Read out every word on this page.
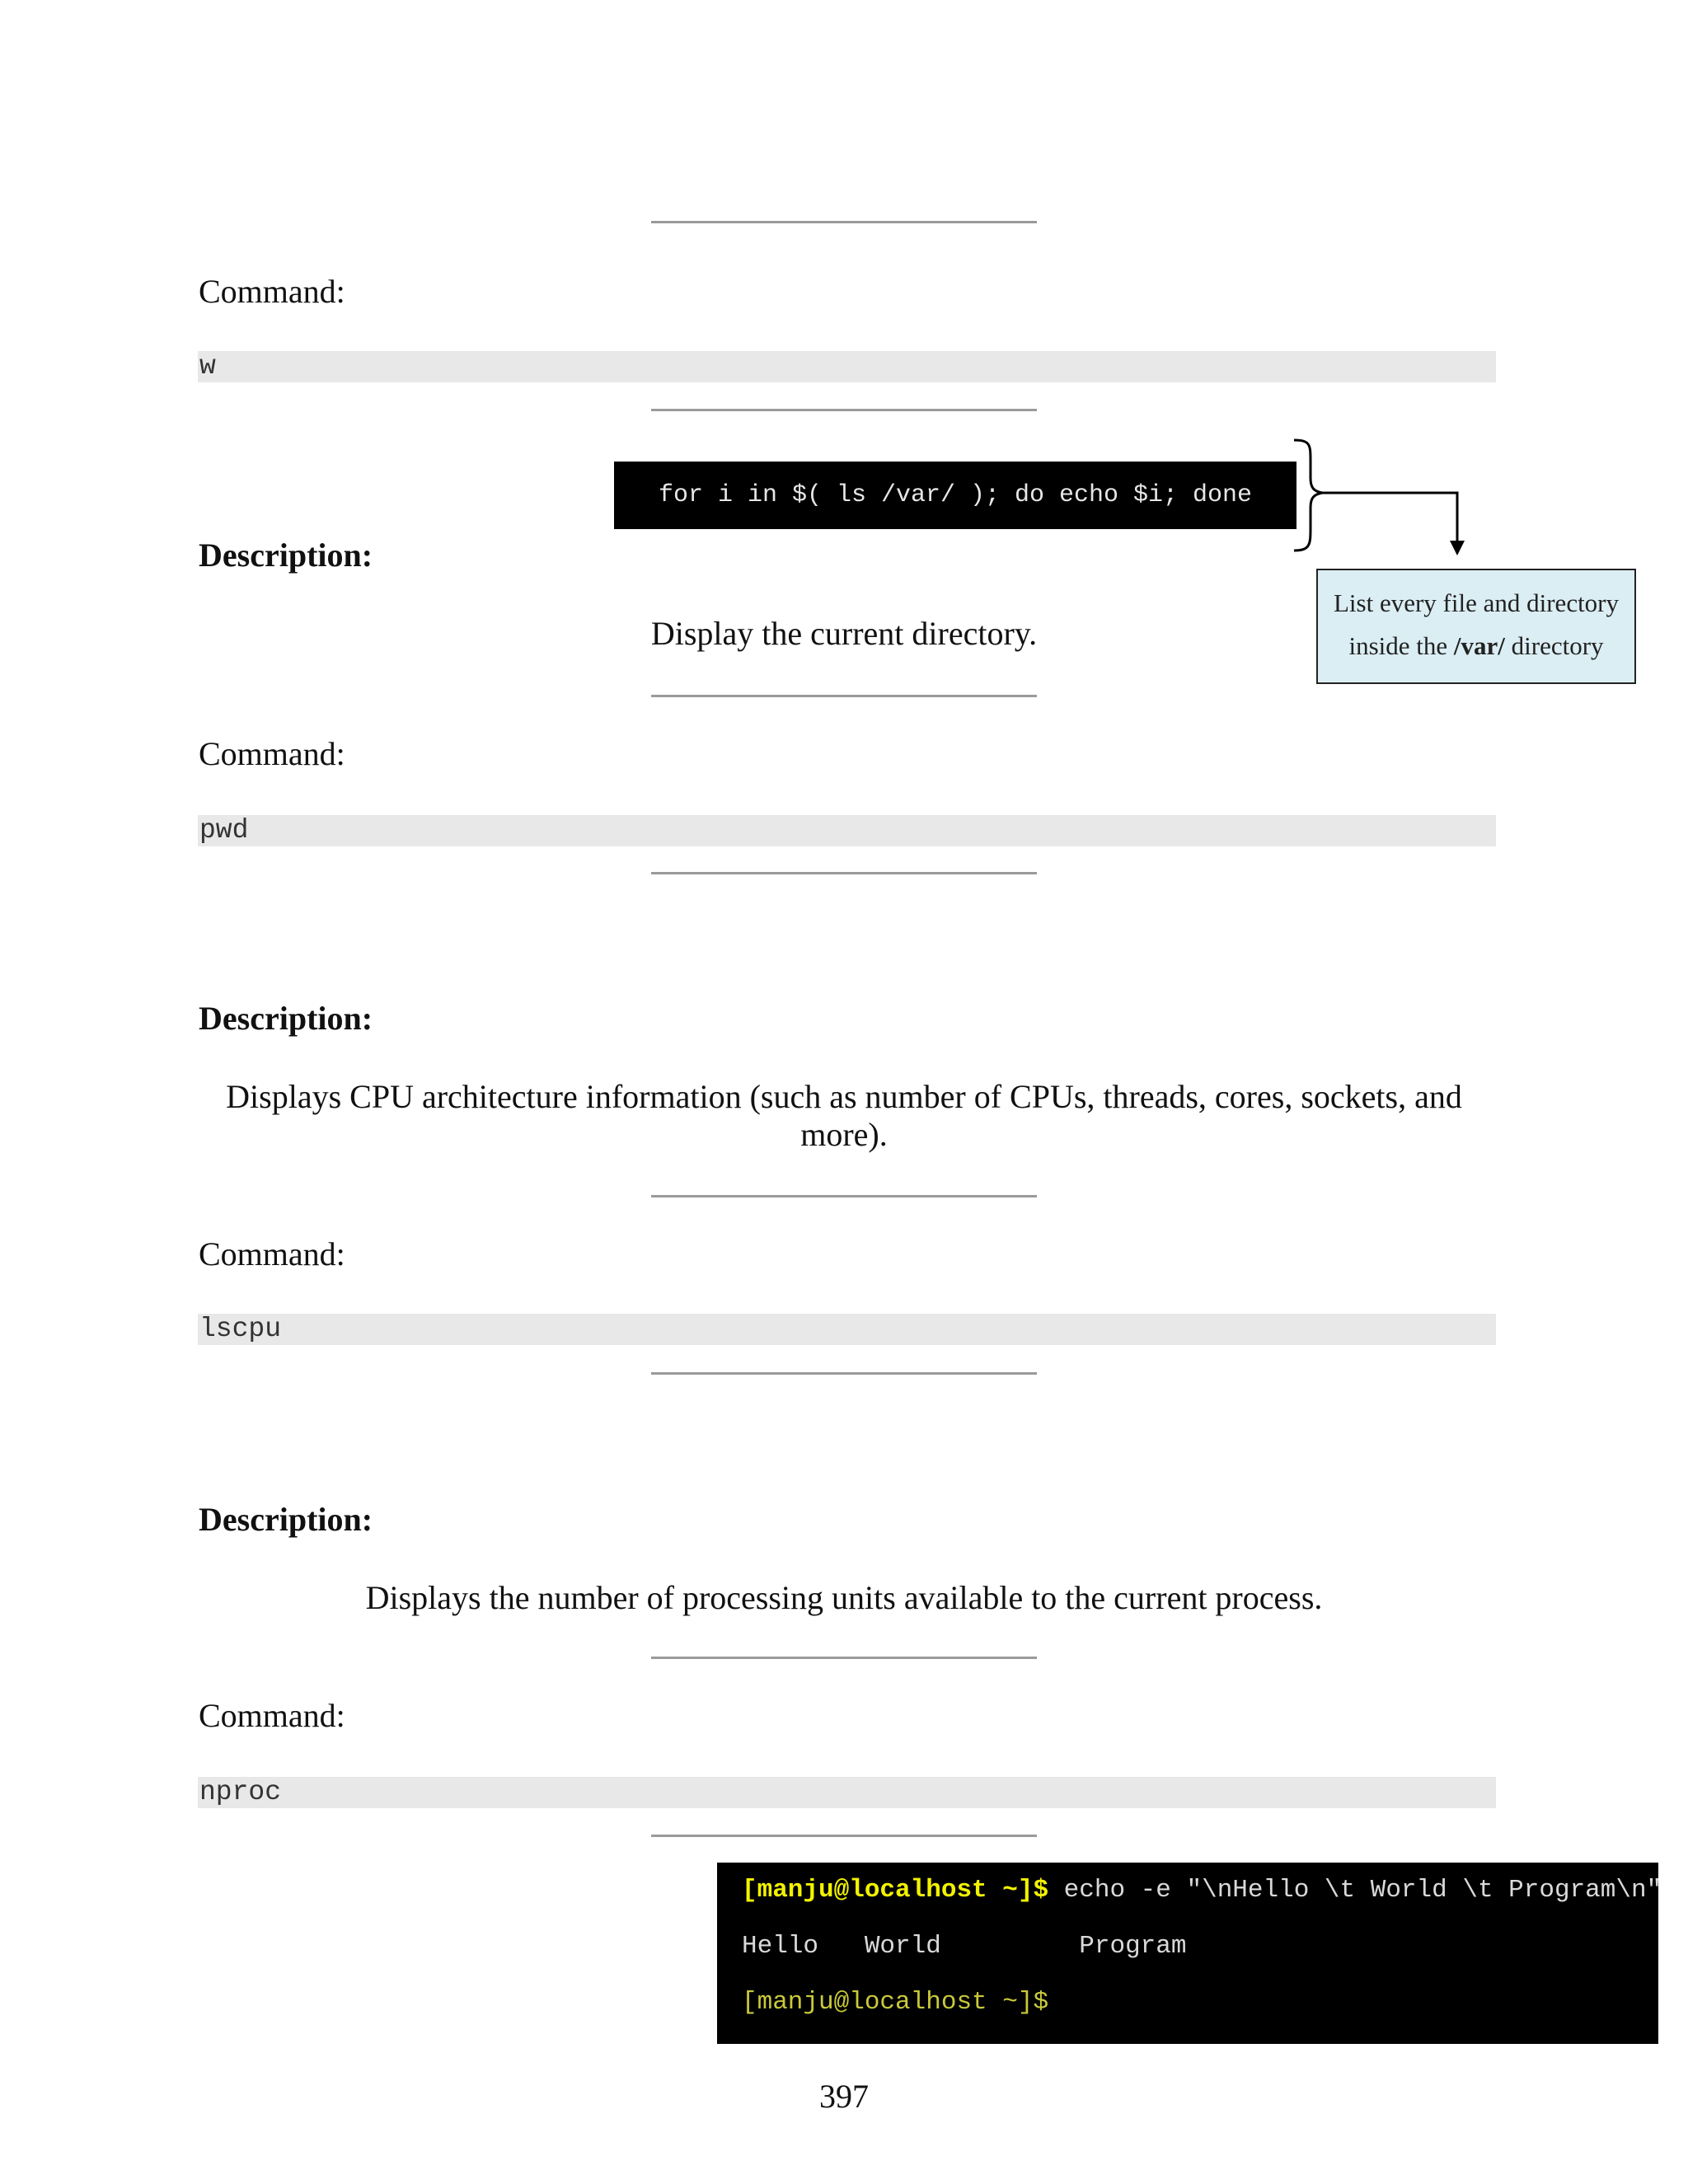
Command:
w
for i in $( ls /var/ ); do echo $i; done
List every file and directory
inside the /var/ directory
Description:
Display the current directory.
Command:
pwd
Description:
Displays CPU architecture information (such as number of CPUs, threads, cores, sockets, and
more).
Command:
lscpu
Description:
Displays the number of processing units available to the current process.
Command:
nproc
[manju@localhost ~]$ echo -e "\nHello \t World \t Program\n"
Hello   World         Program
[manju@localhost ~]$
397
